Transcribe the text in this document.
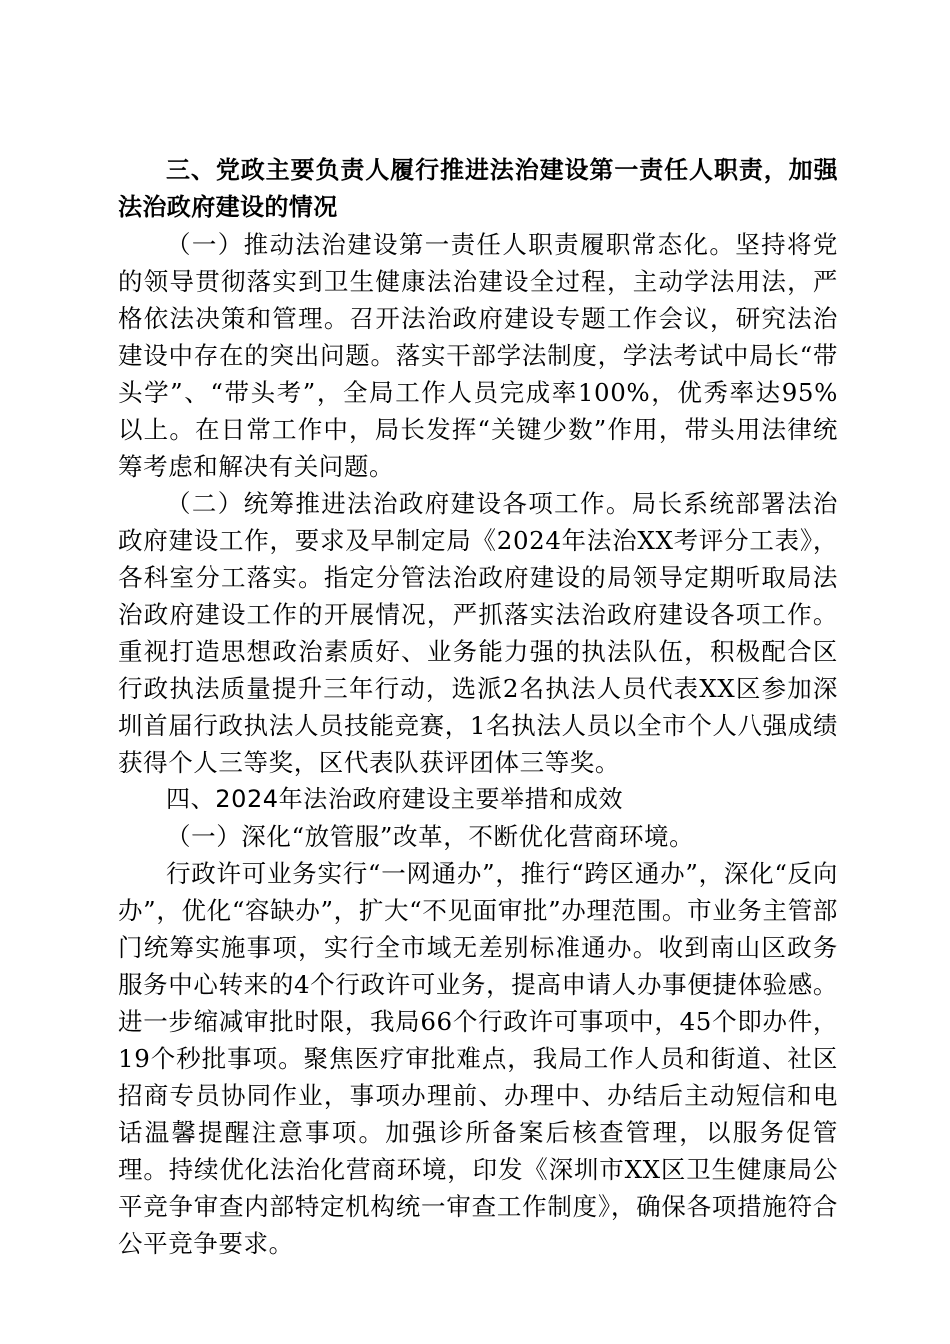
三、党政主要负责人履行推进法治建设第一责任人职责，加强法治政府建设的情况

（一）推动法治建设第一责任人职责履职常态化。坚持将党的领导贯彻落实到卫生健康法治建设全过程，主动学法用法，严格依法决策和管理。召开法治政府建设专题工作会议，研究法治建设中存在的突出问题。落实干部学法制度，学法考试中局长“带头学”、“带头考”，全局工作人员完成率100%，优秀率达95%以上。在日常工作中，局长发挥“关键少数”作用，带头用法律统筹考虑和解决有关问题。

（二）统筹推进法治政府建设各项工作。局长系统部署法治政府建设工作，要求及早制定局《2024年法治XX考评分工表》，各科室分工落实。指定分管法治政府建设的局领导定期听取局法治政府建设工作的开展情况，严抓落实法治政府建设各项工作。重视打造思想政治素质好、业务能力强的执法队伍，积极配合区行政执法质量提升三年行动，选派2名执法人员代表XX区参加深圳首届行政执法人员技能竞赛，1名执法人员以全市个人八强成绩获得个人三等奖，区代表队获评团体三等奖。

四、2024年法治政府建设主要举措和成效

（一）深化“放管服”改革，不断优化营商环境。

行政许可业务实行“一网通办”，推行“跨区通办”，深化“反向办”，优化“容缺办”，扩大“不见面审批”办理范围。市业务主管部门统筹实施事项，实行全市域无差别标准通办。收到南山区政务服务中心转来的4个行政许可业务，提高申请人办事便捷体验感。进一步缩减审批时限，我局66个行政许可事项中，45个即办件，19个秒批事项。聚焦医疗审批难点，我局工作人员和街道、社区招商专员协同作业，事项办理前、办理中、办结后主动短信和电话温馨提醒注意事项。加强诊所备案后核查管理，以服务促管理。持续优化法治化营商环境，印发《深圳市XX区卫生健康局公平竞争审查内部特定机构统一审查工作制度》，确保各项措施符合公平竞争要求。
